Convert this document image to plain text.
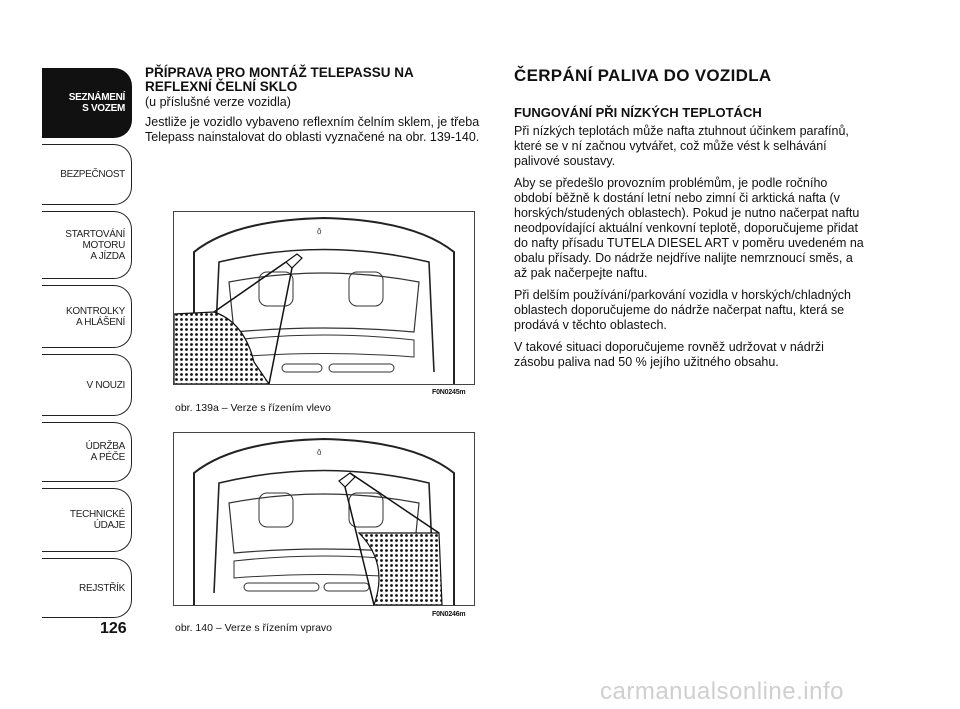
SEZNÁMENÍ
S VOZEM
BEZPEČNOST
STARTOVÁNÍ
MOTORU
A JÍZDA
KONTROLKY
A HLÁŠENÍ
V NOUZI
ÚDRŽBA
A PÉČE
TECHNICKÉ
ÚDAJE
REJSTŘÍK
126
PŘÍPRAVA PRO MONTÁŽ TELEPASSU NA
REFLEXNÍ ČELNÍ SKLO
(u příslušné verze vozidla)

Jestliže je vozidlo vybaveno reflexním čelním sklem, je třeba Telepass nainstalovat do oblasti vyznačené na obr. 139-140.

ô
obr. 139a – Verze s řízením vlevo
F0N0245m
ô
obr. 140 – Verze s řízením vpravo
F0N0246m
ČERPÁNÍ PALIVA DO VOZIDLA
FUNGOVÁNÍ PŘI NÍZKÝCH TEPLOTÁCH

Při nízkých teplotách může nafta ztuhnout účinkem parafínů, které se v ní začnou vytvářet, což může vést k selhávání palivové soustavy.

Aby se předešlo provozním problémům, je podle ročního období běžně k dostání letní nebo zimní či arktická nafta (v horských/studených oblastech). Pokud je nutno načerpat naftu neodpovídající aktuální venkovní teplotě, doporučujeme přidat do nafty přísadu TUTELA DIESEL ART v poměru uvedeném na obalu přísady. Do nádrže nejdříve nalijte nemrznoucí směs, a až pak načerpejte naftu.

Při delším používání/parkování vozidla v horských/chladných oblastech doporučujeme do nádrže načerpat naftu, která se prodává v těchto oblastech.

V takové situaci doporučujeme rovněž udržovat v nádrži zásobu paliva nad 50 % jejího užitného obsahu.

carmanualsonline.info
